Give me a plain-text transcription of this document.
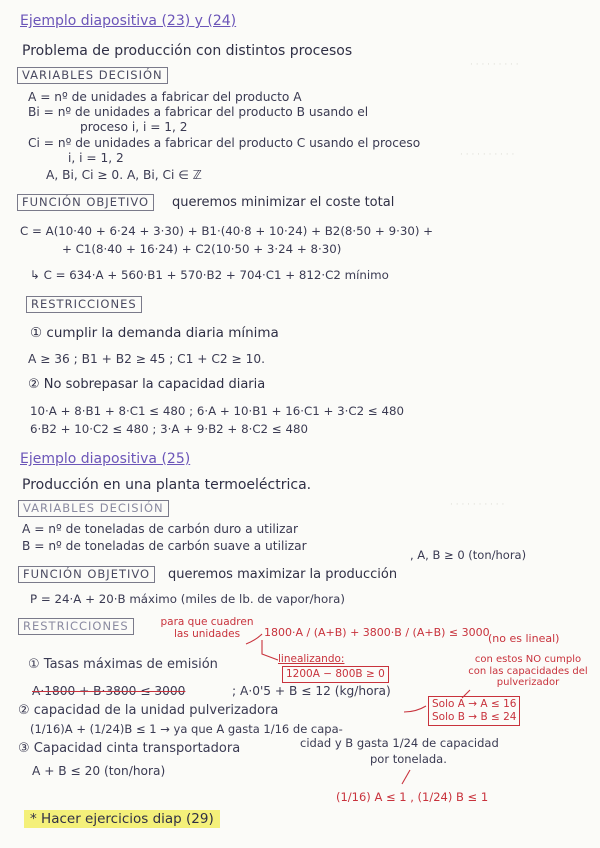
· · · · · · · · ·
· · · · · · · · · ·
· · · · · · · · · ·
Ejemplo diapositiva (23) y (24)
Problema de producción con distintos procesos
VARIABLES DECISIÓN
A = nº de unidades a fabricar del producto A
Bi = nº de unidades a fabricar del producto B usando el
proceso i, i = 1, 2
Ci = nº de unidades a fabricar del producto C usando el proceso
i, i = 1, 2
A, Bi, Ci ≥ 0. A, Bi, Ci ∈ ℤ
FUNCIÓN OBJETIVO	queremos minimizar el coste total
C = A(10·40 + 6·24 + 3·30) + B1·(40·8 + 10·24) + B2(8·50 + 9·30) +
+ C1(8·40 + 16·24) + C2(10·50 + 3·24 + 8·30)
↳ C = 634·A + 560·B1 + 570·B2 + 704·C1 + 812·C2 mínimo
RESTRICCIONES
① cumplir la demanda diaria mínima
A ≥ 36 ; B1 + B2 ≥ 45 ; C1 + C2 ≥ 10.
② No sobrepasar la capacidad diaria
10·A + 8·B1 + 8·C1 ≤ 480 ; 6·A + 10·B1 + 16·C1 + 3·C2 ≤ 480
6·B2 + 10·C2 ≤ 480 ; 3·A + 9·B2 + 8·C2 ≤ 480
Ejemplo diapositiva (25)
Producción en una planta termoeléctrica.
VARIABLES DECISIÓN
A = nº de toneladas de carbón duro a utilizar
B = nº de toneladas de carbón suave a utilizar
, A, B ≥ 0 (ton/hora)
FUNCIÓN OBJETIVO	queremos maximizar la producción
P = 24·A + 20·B máximo (miles de lb. de vapor/hora)
RESTRICCIONES	para que cuadren las unidades	1800·A / (A+B) + 3800·B / (A+B) ≤ 3000
(no es lineal)
linealizando:
1200A − 800B ≥ 0
① Tasas máximas de emisión
A·1800 + B·3800 ≤ 3000	; A·0'5 + B ≤ 12 (kg/hora)
con estos NO cumplo con las capacidades del pulverizador
Solo A → A ≤ 16
Solo B → B ≤ 24
② capacidad de la unidad pulverizadora
(1/16)A + (1/24)B ≤ 1 → ya que A gasta 1/16 de capa-
cidad y B gasta 1/24 de capacidad
por tonelada.
③ Capacidad cinta transportadora
A + B ≤ 20 (ton/hora)
(1/16) A ≤ 1 , (1/24) B ≤ 1
* Hacer ejercicios diap (29)
